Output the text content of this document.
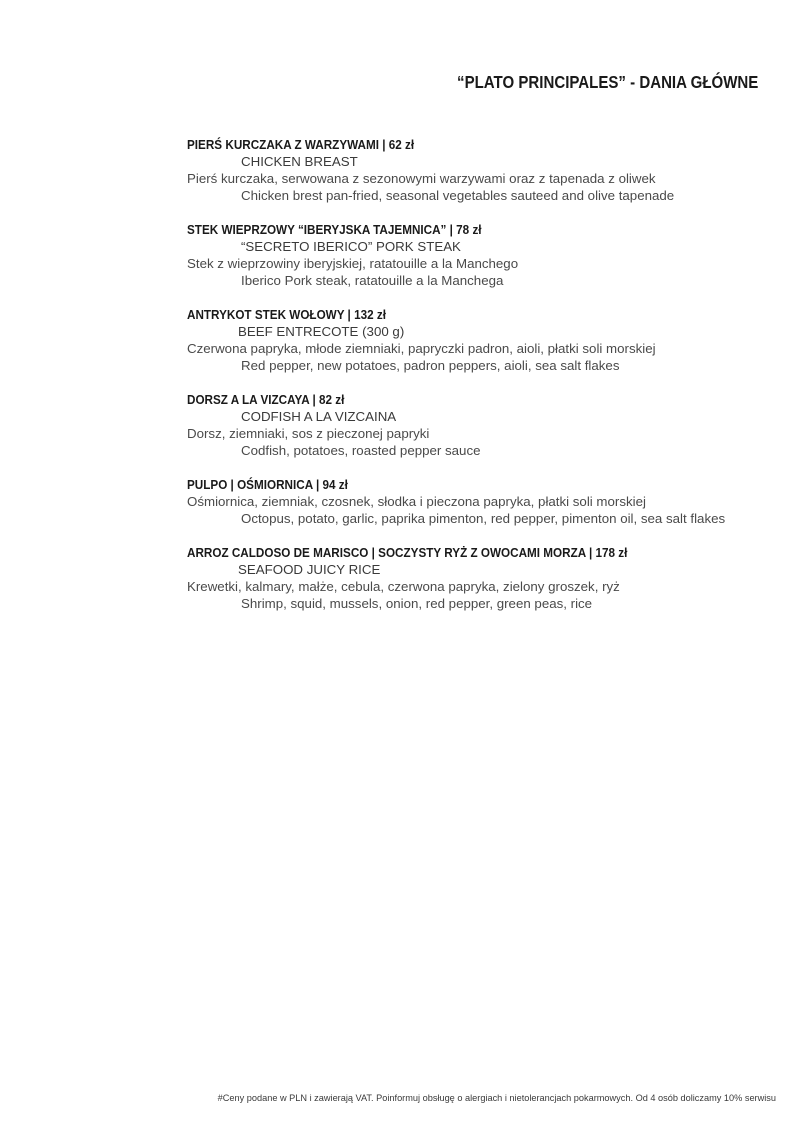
“PLATO PRINCIPALES” - DANIA GŁÓWNE
PIERŚ KURCZAKA Z WARZYWAMI | 62 zł
CHICKEN BREAST
Pierś kurczaka, serwowana z sezonowymi warzywami oraz z tapenada z oliwek
Chicken brest pan-fried, seasonal vegetables sauteed and olive tapenade
STEK WIEPRZOWY “IBERYJSKA TAJEMNICA” | 78 zł
“SECRETO IBERICO” PORK STEAK
Stek z wieprzowiny iberyjskiej, ratatouille a la Manchego
Iberico Pork steak, ratatouille a la Manchega
ANTRYKOT STEK WOŁOWY | 132 zł
BEEF ENTRECOTE (300 g)
Czerwona papryka, młode ziemniaki, papryczki padron, aioli, płatki soli morskiej
Red pepper, new potatoes, padron peppers, aioli, sea salt flakes
DORSZ A LA VIZCAYA | 82 zł
CODFISH A LA VIZCAINA
Dorsz, ziemniaki, sos z pieczonej papryki
Codfish, potatoes, roasted pepper sauce
PULPO | OŚMIORNICA | 94 zł
Ośmiornica, ziemniak, czosnek, słodka i pieczona papryka, płatki soli morskiej
Octopus, potato, garlic, paprika pimenton, red pepper, pimenton oil, sea salt flakes
ARROZ CALDOSO DE MARISCO | SOCZYSTY RYŻ Z OWOCAMI MORZA | 178 zł
SEAFOOD JUICY RICE
Krewetki, kalmary, małże, cebula, czerwona papryka, zielony groszek, ryż
Shrimp, squid, mussels, onion, red pepper, green peas, rice
#Ceny podane w PLN i zawierają VAT. Poinformuj obsługę o alergiach i nietolerancjach pokarmowych. Od 4 osób doliczamy 10% serwisu
